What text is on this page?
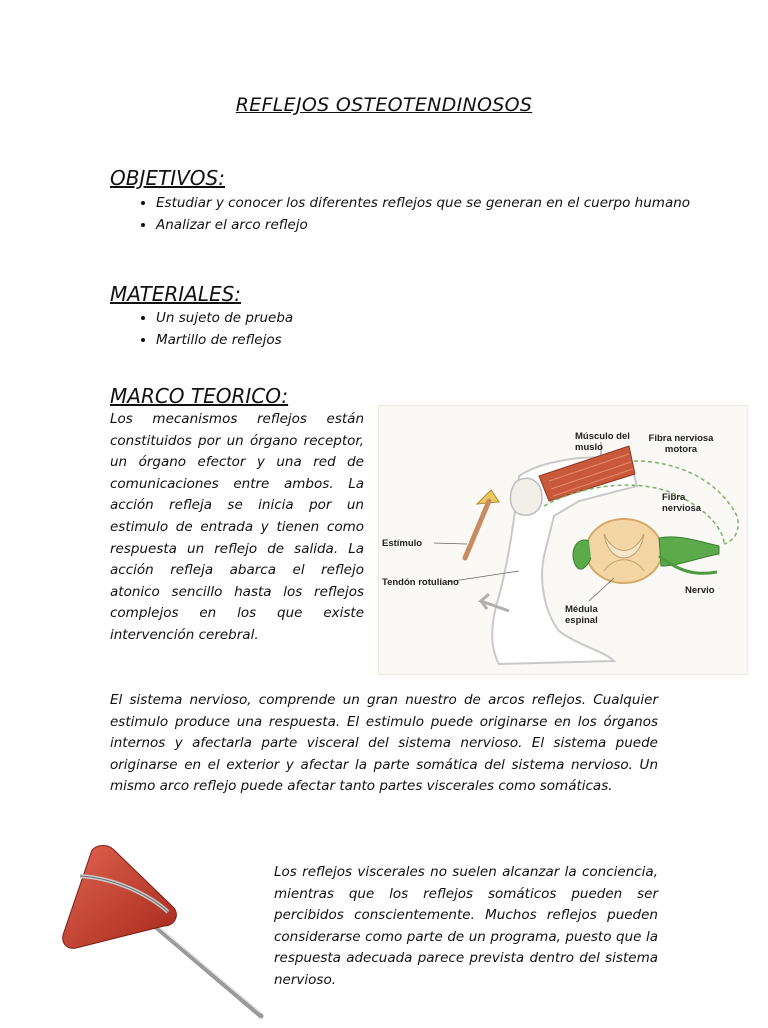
REFLEJOS OSTEOTENDINOSOS
OBJETIVOS:
• Estudiar y conocer los diferentes reflejos que se generan en el cuerpo humano
• Analizar el arco reflejo
MATERIALES:
• Un sujeto de prueba
• Martillo de reflejos
MARCO TEORICO:

Los mecanismos reflejos están constituidos por un órgano receptor, un órgano efector y una red de comunicaciones entre ambos. La acción refleja se inicia por un estimulo de entrada y tienen como respuesta un reflejo de salida. La acción refleja abarca el reflejo atonico sencillo hasta los reflejos complejos en los que existe intervención cerebral.

Músculo del muslo
Fibra nerviosa motora
Fibra nerviosa
Estímulo
Tendón rotuliano
Nervio
Médula espinal

El sistema nervioso, comprende un gran nuestro de arcos reflejos. Cualquier estimulo produce una respuesta. El estimulo puede originarse en los órganos internos y afectarla parte visceral del sistema nervioso. El sistema puede originarse en el exterior y afectar la parte somática del sistema nervioso. Un mismo arco reflejo puede afectar tanto partes viscerales como somáticas.

Los reflejos viscerales no suelen alcanzar la conciencia, mientras que los reflejos somáticos pueden ser percibidos conscientemente. Muchos reflejos pueden considerarse como parte de un programa, puesto que la respuesta adecuada parece prevista dentro del sistema nervioso.
